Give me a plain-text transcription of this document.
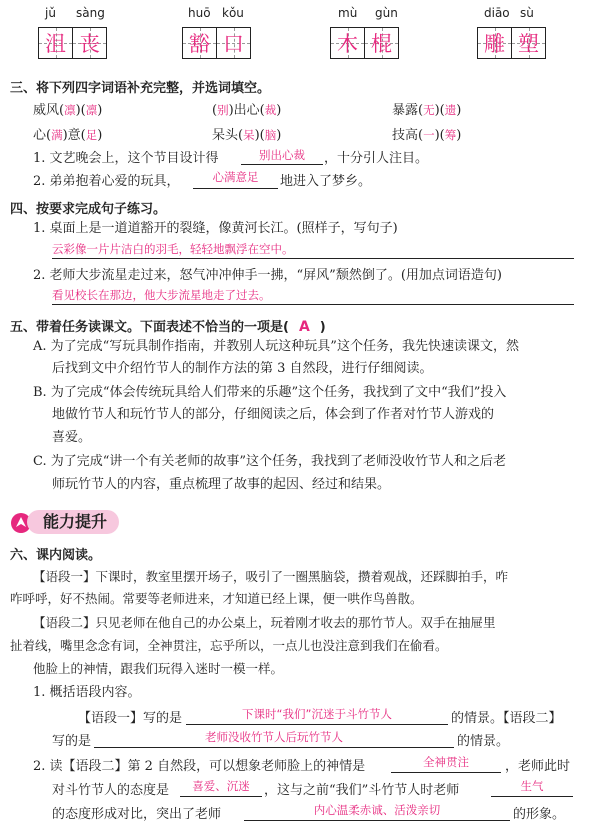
jǔ sàng
沮 丧
huō kǒu
豁 口
mù gùn
木 棍
diāo sù
雕 塑
三、将下列四字词语补充完整，并选词填空。
威风(凛)(凛)	(别)出心(裁)	暴露(无)(遗)
心(满)意(足)	呆头(呆)(脑)	技高(一)(筹)
1. 文艺晚会上，这个节目设计得	别出心裁	，十分引人注目。
2. 弟弟抱着心爱的玩具，	心满意足	地进入了梦乡。
四、按要求完成句子练习。
1. 桌面上是一道道豁开的裂缝，像黄河长江。(照样子，写句子)
云彩像一片片洁白的羽毛，轻轻地飘浮在空中。
2. 老师大步流星走过来，怒气冲冲伸手一拂，“屏风”颓然倒了。(用加点词语造句)
看见校长在那边，他大步流星地走了过去。
五、带着任务读课文。下面表述不恰当的一项是( A )
A. 为了完成“写玩具制作指南，并教别人玩这种玩具”这个任务，我先快速读课文，然
后找到文中介绍竹节人的制作方法的第 3 自然段，进行仔细阅读。
B. 为了完成“体会传统玩具给人们带来的乐趣”这个任务，我找到了文中“我们”投入
地做竹节人和玩竹节人的部分，仔细阅读之后，体会到了作者对竹节人游戏的
喜爱。
C. 为了完成“讲一个有关老师的故事”这个任务，我找到了老师没收竹节人和之后老
师玩竹节人的内容，重点梳理了故事的起因、经过和结果。
能力提升
六、课内阅读。
【语段一】下课时，教室里摆开场子，吸引了一圈黑脑袋，攒着观战，还踩脚拍手，咋
咋呼呼，好不热闹。常要等老师进来，才知道已经上课，便一哄作鸟兽散。
【语段二】只见老师在他自己的办公桌上，玩着刚才收去的那竹节人。双手在抽屉里
扯着线，嘴里念念有词，全神贯注，忘乎所以，一点儿也没注意到我们在偷看。
他脸上的神情，跟我们玩得入迷时一模一样。
1. 概括语段内容。
【语段一】写的是	下课时“我们”沉迷于斗竹节人	的情景。【语段二】
写的是	老师没收竹节人后玩竹节人	的情景。
2. 读【语段二】第 2 自然段，可以想象老师脸上的神情是	全神贯注	，老师此时
对斗竹节人的态度是	喜爱、沉迷	，这与之前“我们”斗竹节人时老师	生气
的态度形成对比，突出了老师	内心温柔赤诚、活泼亲切	的形象。
